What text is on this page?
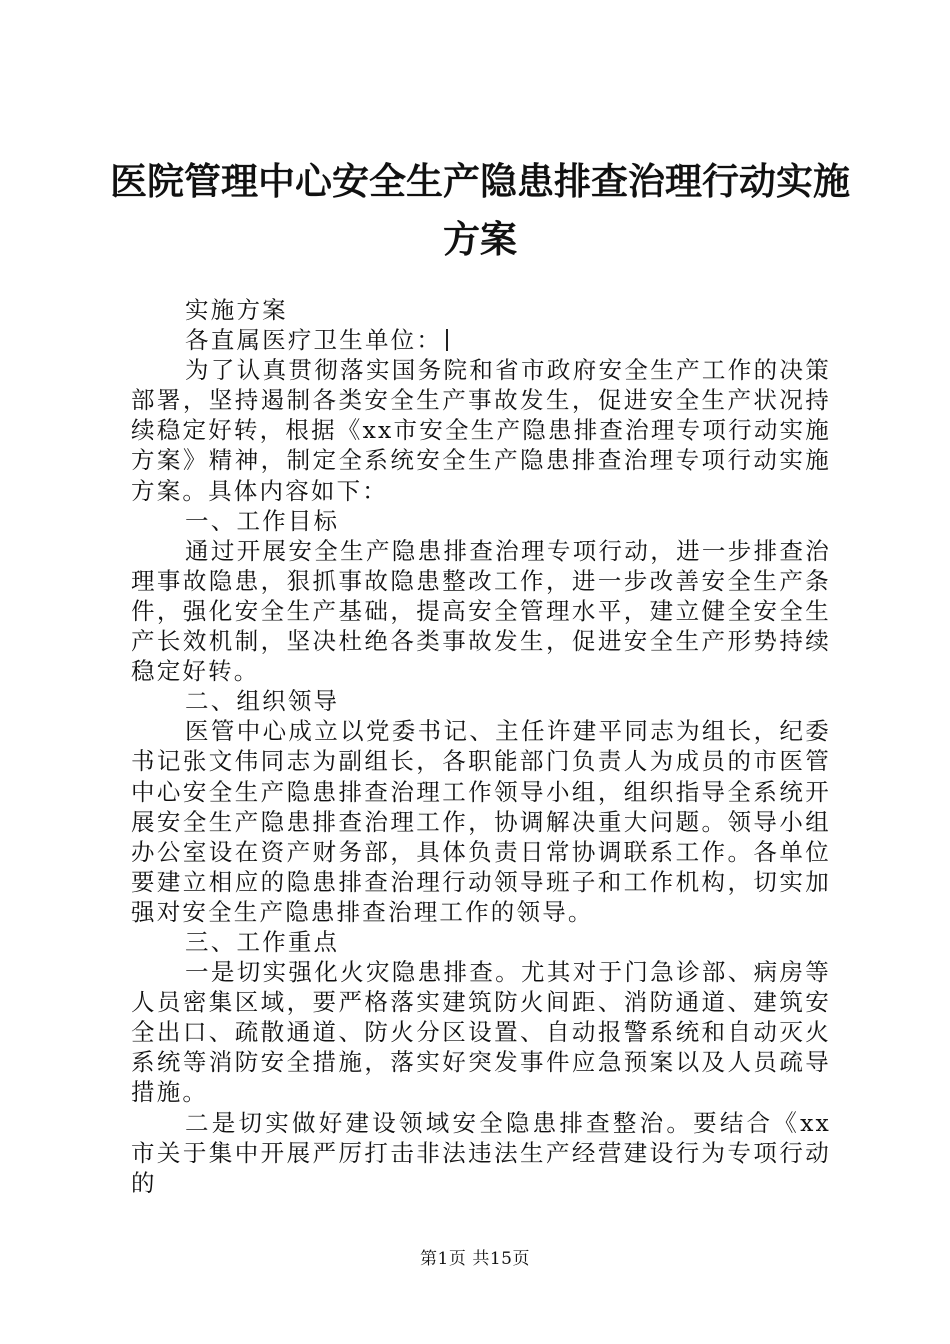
医院管理中心安全生产隐患排查治理行动实施
方案

实施方案

各直属医疗卫生单位：

为了认真贯彻落实国务院和省市政府安全生产工作的决策部署，坚持遏制各类安全生产事故发生，促进安全生产状况持续稳定好转，根据《xx市安全生产隐患排查治理专项行动实施方案》精神，制定全系统安全生产隐患排查治理专项行动实施方案。具体内容如下：

一、工作目标

通过开展安全生产隐患排查治理专项行动，进一步排查治理事故隐患，狠抓事故隐患整改工作，进一步改善安全生产条件，强化安全生产基础，提高安全管理水平，建立健全安全生产长效机制，坚决杜绝各类事故发生，促进安全生产形势持续稳定好转。

二、组织领导

医管中心成立以党委书记、主任许建平同志为组长，纪委书记张文伟同志为副组长，各职能部门负责人为成员的市医管中心安全生产隐患排查治理工作领导小组，组织指导全系统开展安全生产隐患排查治理工作，协调解决重大问题。领导小组办公室设在资产财务部，具体负责日常协调联系工作。各单位要建立相应的隐患排查治理行动领导班子和工作机构，切实加强对安全生产隐患排查治理工作的领导。

三、工作重点

一是切实强化火灾隐患排查。尤其对于门急诊部、病房等人员密集区域，要严格落实建筑防火间距、消防通道、建筑安全出口、疏散通道、防火分区设置、自动报警系统和自动灭火系统等消防安全措施，落实好突发事件应急预案以及人员疏导措施。

二是切实做好建设领域安全隐患排查整治。要结合《xx市关于集中开展严厉打击非法违法生产经营建设行为专项行动的

第1页 共15页
